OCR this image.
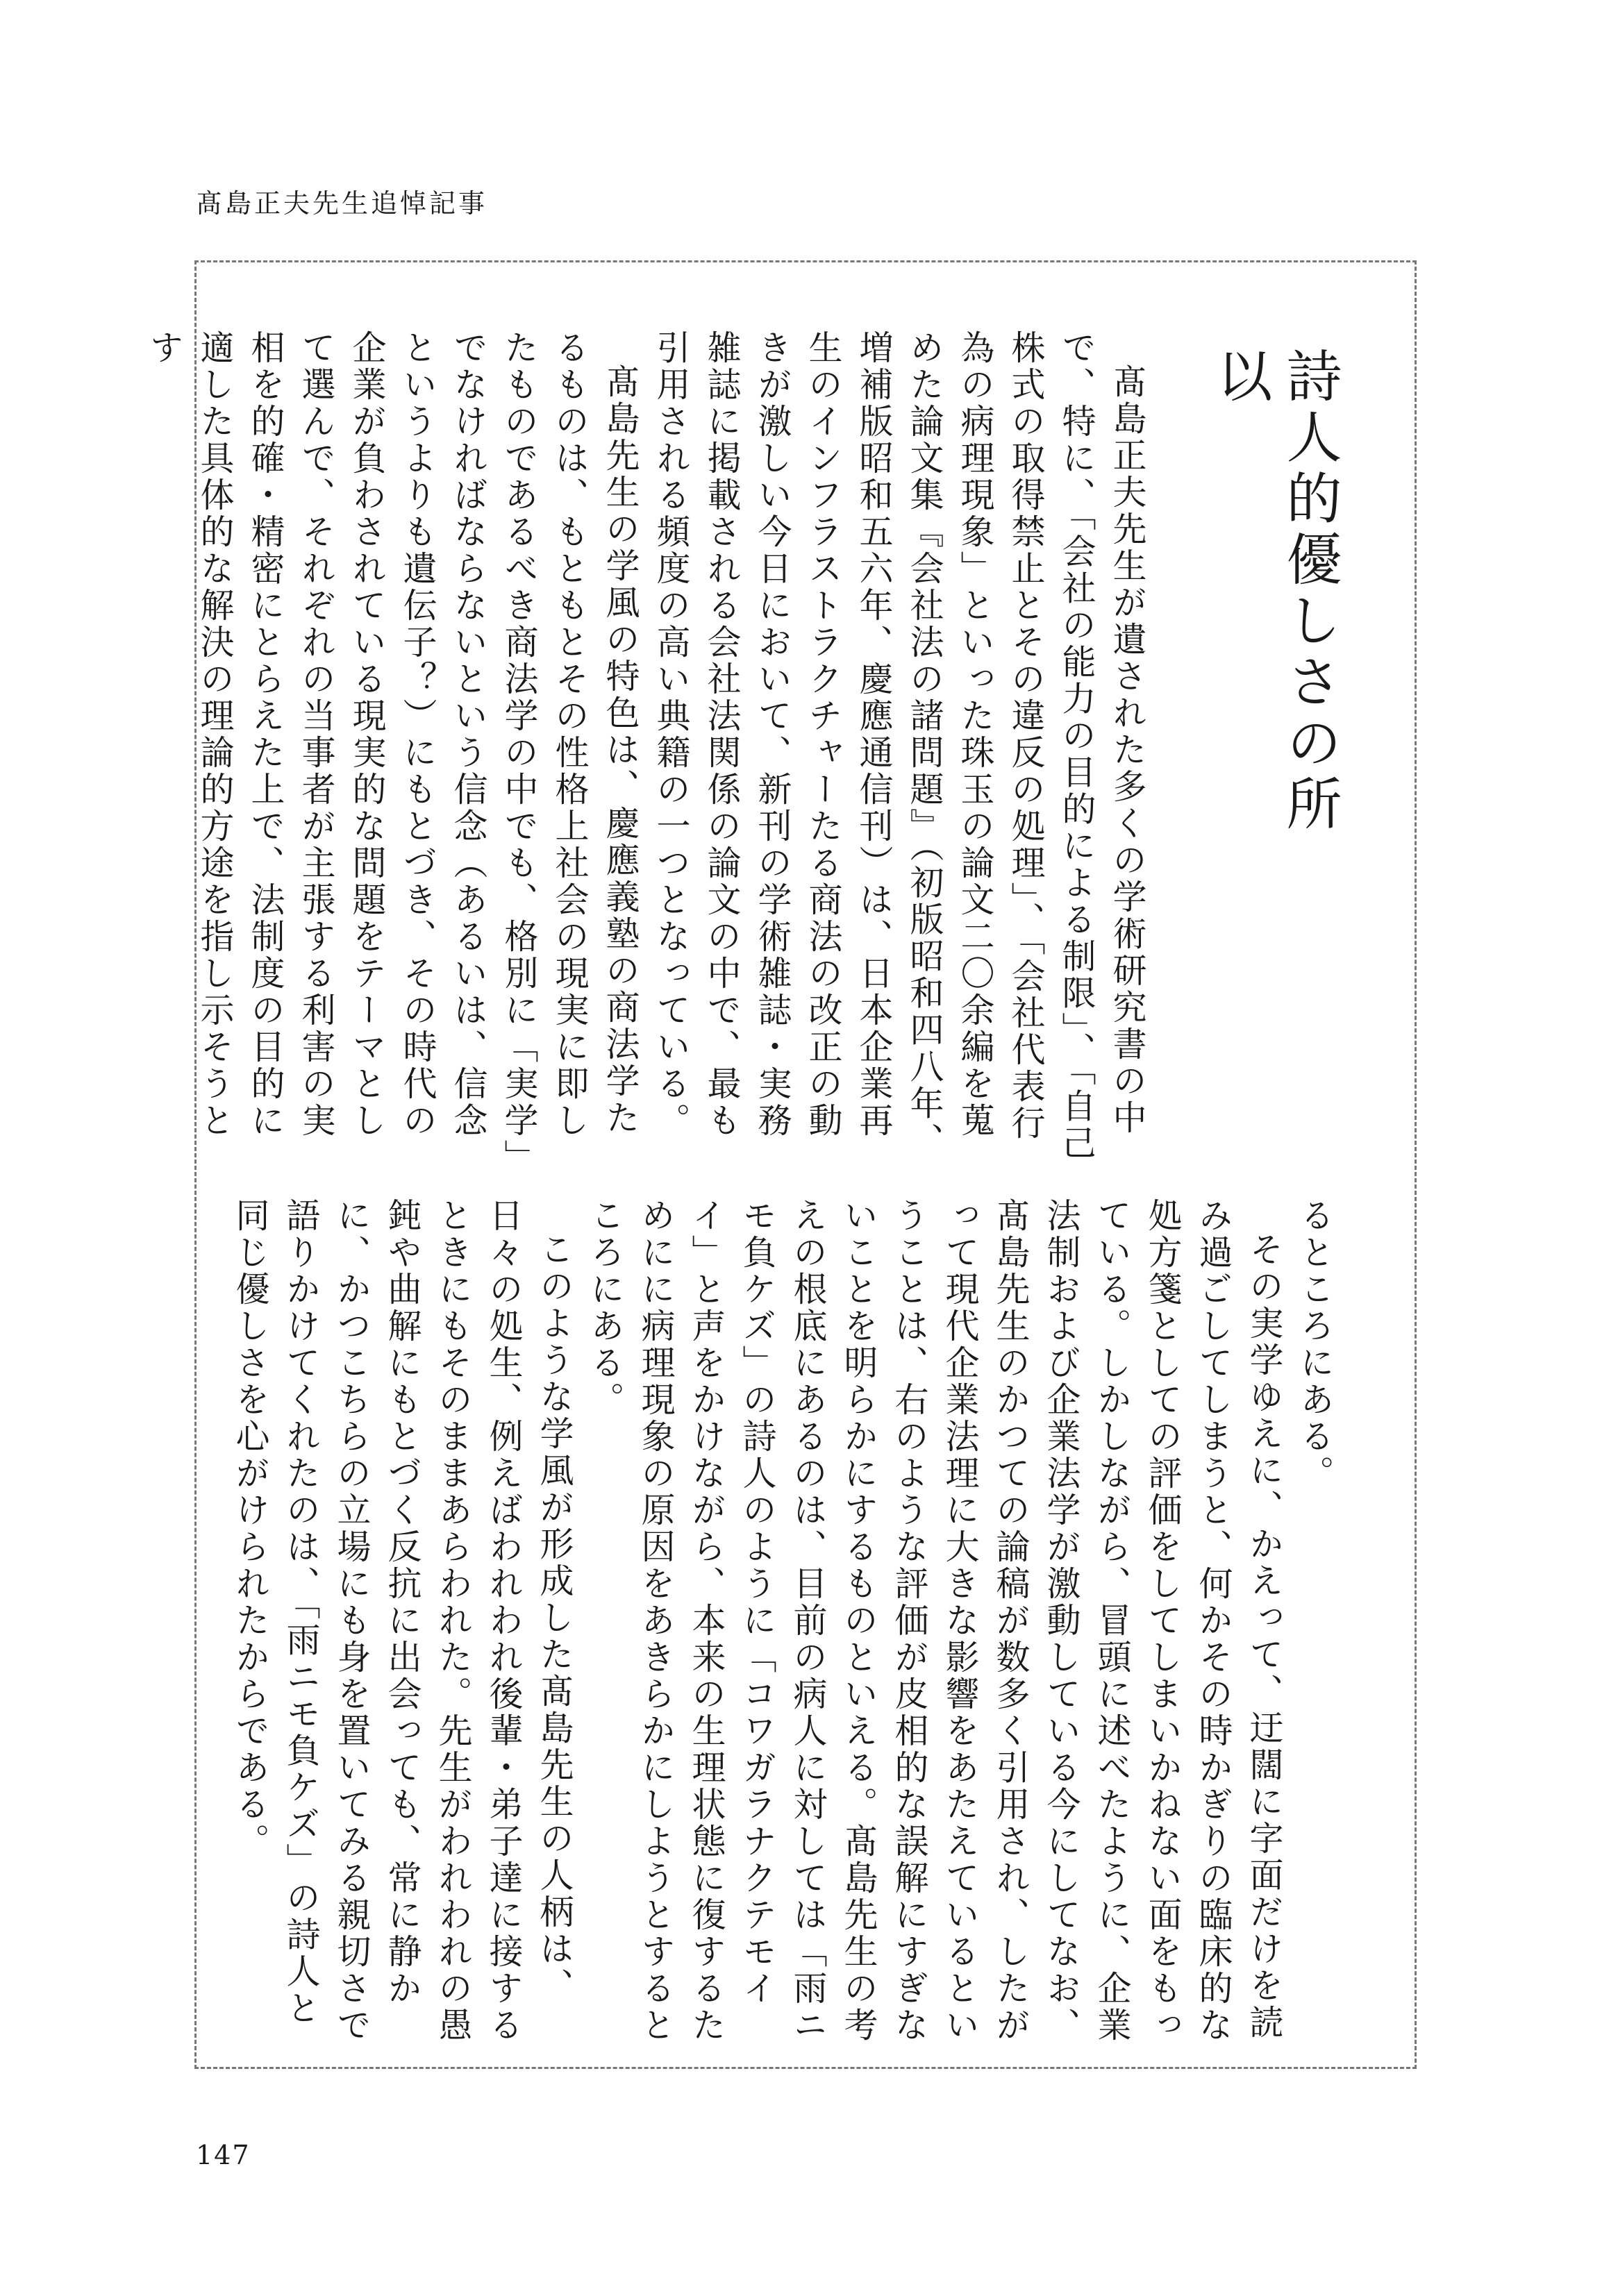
髙島正夫先生追悼記事
詩人的優しさの所以
髙島正夫先生が遺された多くの学術研究書の中で、特に、「会社の能力の目的による制限」、「自己株式の取得禁止とその違反の処理」、「会社代表行為の病理現象」といった珠玉の論文二〇余編を蒐めた論文集『会社法の諸問題』（初版昭和四八年、増補版昭和五六年、慶應通信刊）は、日本企業再生のインフラストラクチャーたる商法の改正の動きが激しい今日において、新刊の学術雑誌・実務雑誌に掲載される会社法関係の論文の中で、最も引用される頻度の高い典籍の一つとなっている。
髙島先生の学風の特色は、慶應義塾の商法学たるものは、もともとその性格上社会の現実に即したものであるべき商法学の中でも、格別に「実学」でなければならないという信念（あるいは、信念というよりも遺伝子？）にもとづき、その時代の企業が負わされている現実的な問題をテーマとして選んで、それぞれの当事者が主張する利害の実相を的確・精密にとらえた上で、法制度の目的に適した具体的な解決の理論的方途を指し示そうとす
るところにある。
その実学ゆえに、かえって、迂闊に字面だけを読み過ごしてしまうと、何かその時かぎりの臨床的な処方箋としての評価をしてしまいかねない面をもっている。しかしながら、冒頭に述べたように、企業法制および企業法学が激動している今にしてなお、髙島先生のかつての論稿が数多く引用され、したがって現代企業法理に大きな影響をあたえているということは、右のような評価が皮相的な誤解にすぎないことを明らかにするものといえる。髙島先生の考えの根底にあるのは、目前の病人に対しては「雨ニモ負ケズ」の詩人のように「コワガラナクテモイイ」と声をかけながら、本来の生理状態に復するためにに病理現象の原因をあきらかにしようとするところにある。
このような学風が形成した髙島先生の人柄は、日々の処生、例えばわれわれ後輩・弟子達に接するときにもそのままあらわれた。先生がわれわれの愚鈍や曲解にもとづく反抗に出会っても、常に静かに、かつこちらの立場にも身を置いてみる親切さで語りかけてくれたのは、「雨ニモ負ケズ」の詩人と同じ優しさを心がけられたからである。
147
